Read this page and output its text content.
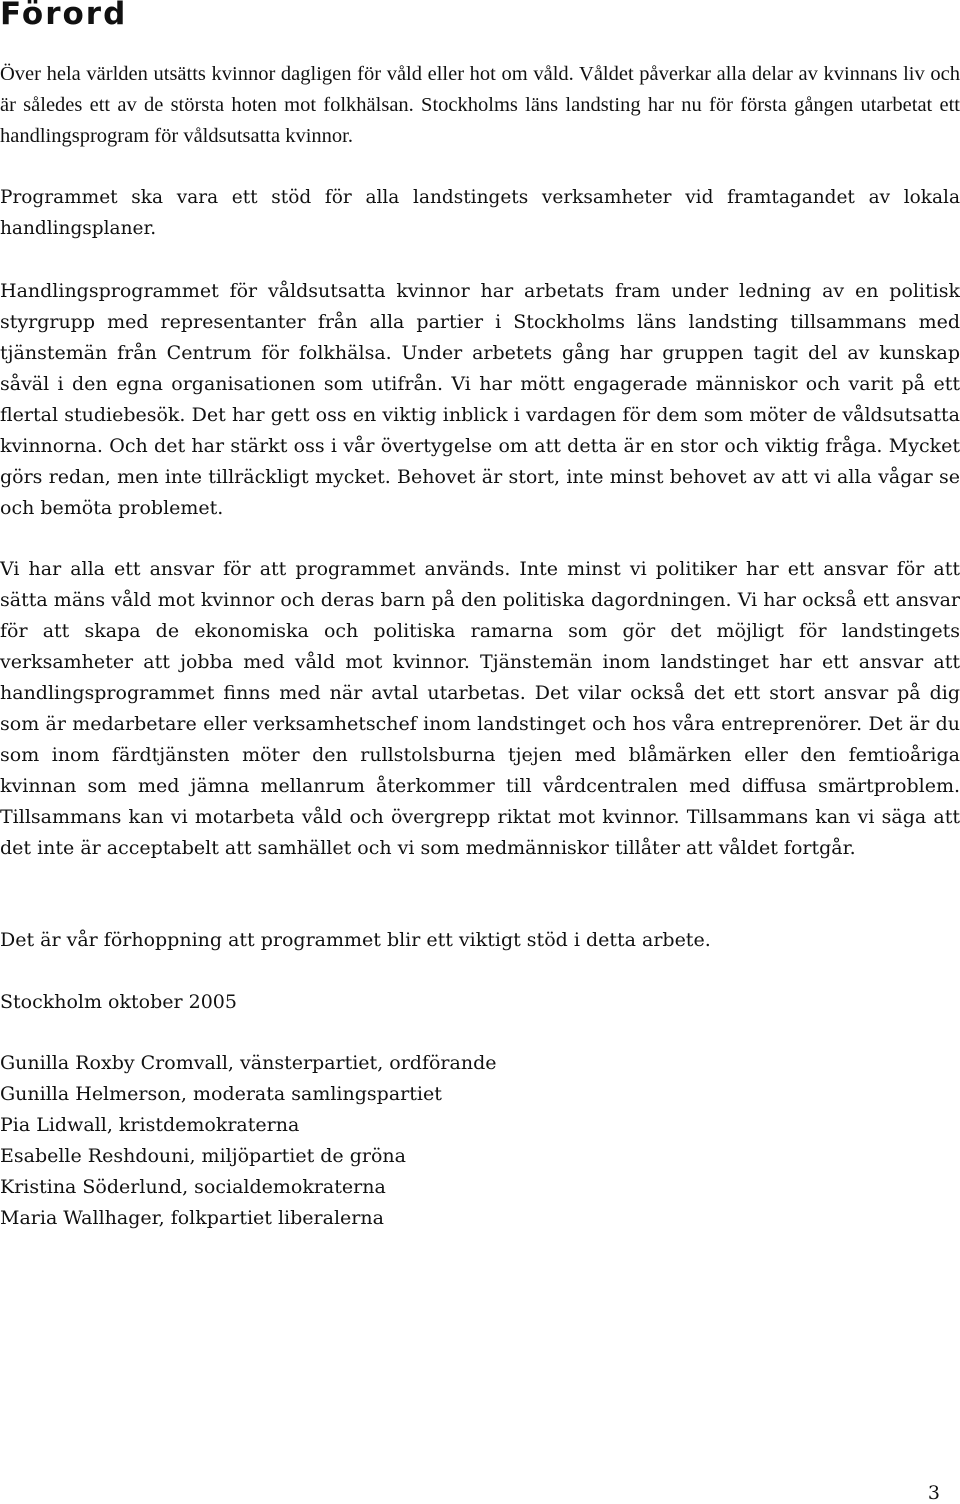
Förord

Över hela världen utsätts kvinnor dagligen för våld eller hot om våld. Våldet påverkar alla delar av kvinnans liv och är således ett av de största hoten mot folkhälsan. Stockholms läns landsting har nu för första gången utarbetat ett handlingsprogram för våldsutsatta kvinnor.

Programmet ska vara ett stöd för alla landstingets verksamheter vid framtagandet av lokala handlingsplaner.

Handlingsprogrammet för våldsutsatta kvinnor har arbetats fram under ledning av en politisk styrgrupp med representanter från alla partier i Stockholms läns landsting tillsammans med tjänstemän från Centrum för folkhälsa. Under arbetets gång har gruppen tagit del av kunskap såväl i den egna organisationen som utifrån. Vi har mött engagerade människor och varit på ett flertal studiebesök. Det har gett oss en viktig inblick i vardagen för dem som möter de våldsutsatta kvinnorna. Och det har stärkt oss i vår övertygelse om att detta är en stor och viktig fråga. Mycket görs redan, men inte tillräckligt mycket. Behovet är stort, inte minst behovet av att vi alla vågar se och bemöta problemet.

Vi har alla ett ansvar för att programmet används. Inte minst vi politiker har ett ansvar för att sätta mäns våld mot kvinnor och deras barn på den politiska dagordningen. Vi har också ett ansvar för att skapa de ekonomiska och politiska ramarna som gör det möjligt för landstingets verksamheter att jobba med våld mot kvinnor. Tjänstemän inom landstinget har ett ansvar att handlingsprogrammet finns med när avtal utarbetas. Det vilar också det ett stort ansvar på dig som är medarbetare eller verksamhetschef inom landstinget och hos våra entreprenörer. Det är du som inom färdtjänsten möter den rullstolsburna tjejen med blåmärken eller den femtioåriga kvinnan som med jämna mellanrum återkommer till vårdcentralen med diffusa smärtproblem. Tillsammans kan vi motarbeta våld och övergrepp riktat mot kvinnor. Tillsammans kan vi säga att det inte är acceptabelt att samhället och vi som medmänniskor tillåter att våldet fortgår.

Det är vår förhoppning att programmet blir ett viktigt stöd i detta arbete.

Stockholm oktober 2005

Gunilla Roxby Cromvall, vänsterpartiet, ordförande
Gunilla Helmerson, moderata samlingspartiet
Pia Lidwall, kristdemokraterna
Esabelle Reshdouni, miljöpartiet de gröna
Kristina Söderlund, socialdemokraterna
Maria Wallhager, folkpartiet liberalerna
3
